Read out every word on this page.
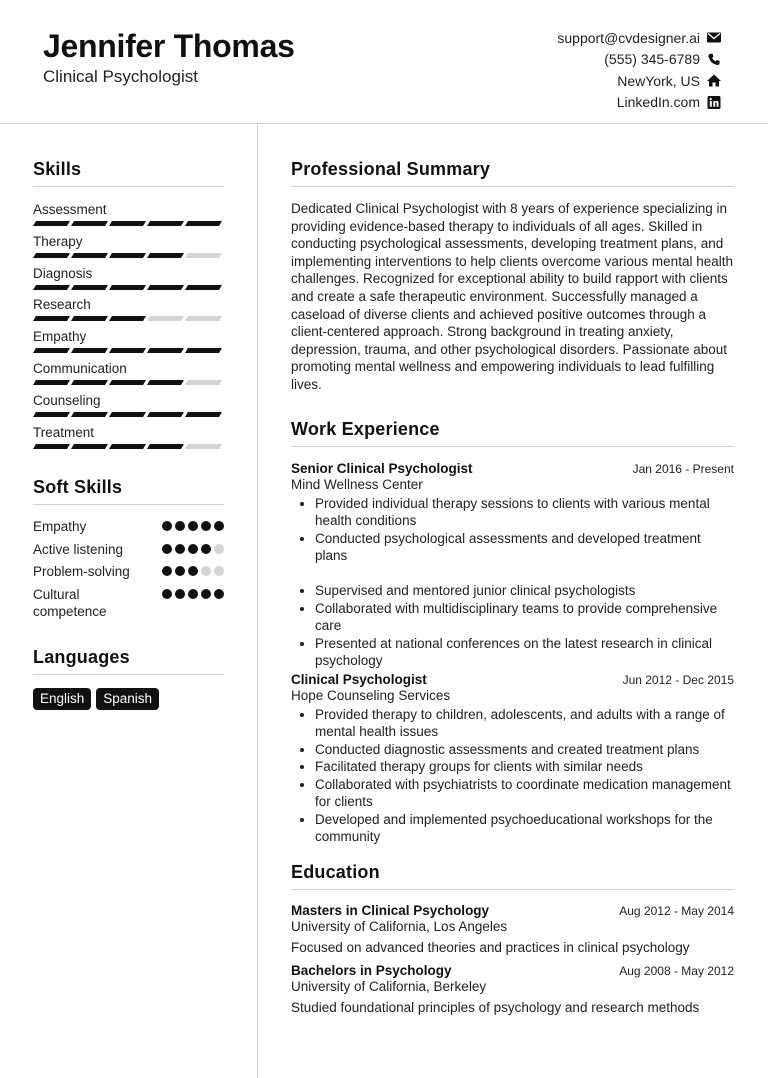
Jennifer Thomas
Clinical Psychologist
support@cvdesigner.ai
(555) 345-6789
NewYork, US
LinkedIn.com
Skills
Assessment
Therapy
Diagnosis
Research
Empathy
Communication
Counseling
Treatment
Soft Skills
Empathy
Active listening
Problem-solving
Cultural competence
Languages
English	Spanish
Professional Summary

Dedicated Clinical Psychologist with 8 years of experience specializing in providing evidence-based therapy to individuals of all ages. Skilled in conducting psychological assessments, developing treatment plans, and implementing interventions to help clients overcome various mental health challenges. Recognized for exceptional ability to build rapport with clients and create a safe therapeutic environment. Successfully managed a caseload of diverse clients and achieved positive outcomes through a client-centered approach. Strong background in treating anxiety, depression, trauma, and other psychological disorders. Passionate about promoting mental wellness and empowering individuals to lead fulfilling lives.

Work Experience
Senior Clinical Psychologist	Jan 2016 - Present
Mind Wellness Center
• Provided individual therapy sessions to clients with various mental health conditions
• Conducted psychological assessments and developed treatment plans
• Supervised and mentored junior clinical psychologists
• Collaborated with multidisciplinary teams to provide comprehensive care
• Presented at national conferences on the latest research in clinical psychology
Clinical Psychologist	Jun 2012 - Dec 2015
Hope Counseling Services
• Provided therapy to children, adolescents, and adults with a range of mental health issues
• Conducted diagnostic assessments and created treatment plans
• Facilitated therapy groups for clients with similar needs
• Collaborated with psychiatrists to coordinate medication management for clients
• Developed and implemented psychoeducational workshops for the community
Education
Masters in Clinical Psychology	Aug 2012 - May 2014
University of California, Los Angeles
Focused on advanced theories and practices in clinical psychology
Bachelors in Psychology	Aug 2008 - May 2012
University of California, Berkeley
Studied foundational principles of psychology and research methods
